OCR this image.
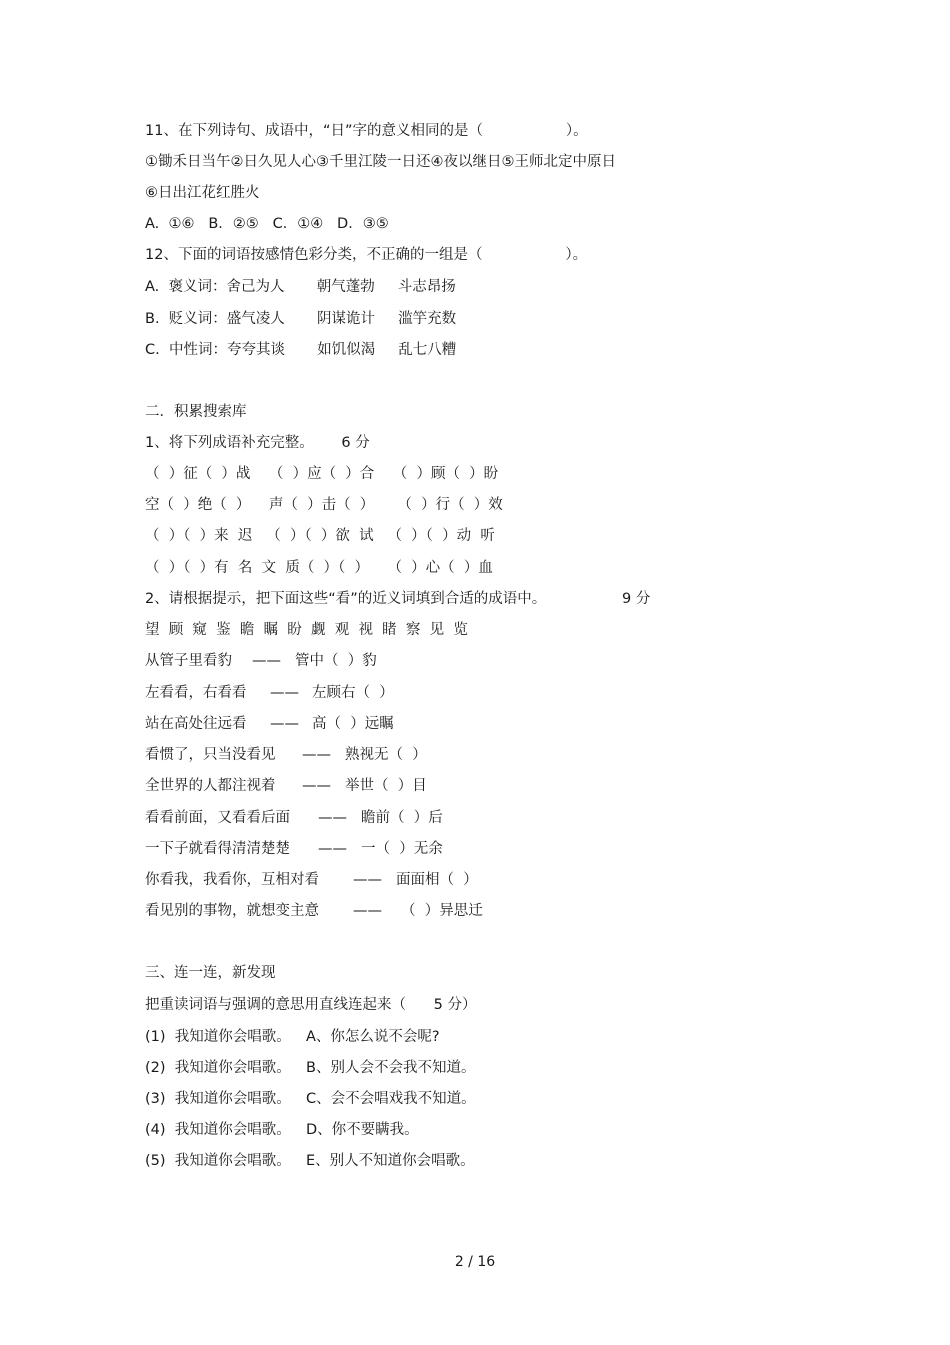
11、在下列诗句、成语中，“日”字的意义相同的是（                  ）。
①锄禾日当午②日久见人心③千里江陵一日还④夜以继日⑤王师北定中原日
⑥日出江花红胜火
A.  ①⑥   B．②⑤   C．①④   D．③⑤
12、下面的词语按感情色彩分类，不正确的一组是（                  ）。
A.  褒义词：舍己为人       朝气蓬勃     斗志昂扬
B.  贬义词：盛气凌人       阴谋诡计     滥竽充数
C.  中性词：夸夸其谈       如饥似渴     乱七八糟
二．积累搜索库
1、将下列成语补充完整。      6 分
（  ）征（  ）战    （  ）应（  ）合    （  ）顾（  ）盼
空（  ）绝（  ）    声（  ）击（  ）     （  ）行（  ）效
（  ）（  ）来  迟   （  ）（  ）欲  试   （  ）（  ）动  听
（  ）（  ）有  名  文  质（  ）（  ）    （  ）心（  ）血
2、请根据提示，把下面这些“看”的近义词填到合适的成语中。	9 分
望  顾  窥  鉴  瞻  瞩  盼  觑  观  视  睹  察  见  览
从管子里看豹 —— 管中（  ）豹
左看看，右看看 —— 左顾右（  ）
站在高处往远看 —— 高（  ）远瞩
看惯了，只当没看见 —— 熟视无（  ）
全世界的人都注视着 —— 举世（  ）目
看看前面，又看看后面 —— 瞻前（  ）后
一下子就看得清清楚楚 —— 一（  ）无余
你看我，我看你，互相对看 —— 面面相（  ）
看见别的事物，就想变主意 —— （  ）异思迁
三、连一连，新发现
把重读词语与强调的意思用直线连起来（      5 分）
(1)  我知道你会唱歌。 A、你怎么说不会呢?
(2)  我知道你会唱歌。 B、别人会不会我不知道。
(3)  我知道你会唱歌。 C、会不会唱戏我不知道。
(4)  我知道你会唱歌。 D、你不要瞒我。
(5)  我知道你会唱歌。 E、别人不知道你会唱歌。
2 / 16
